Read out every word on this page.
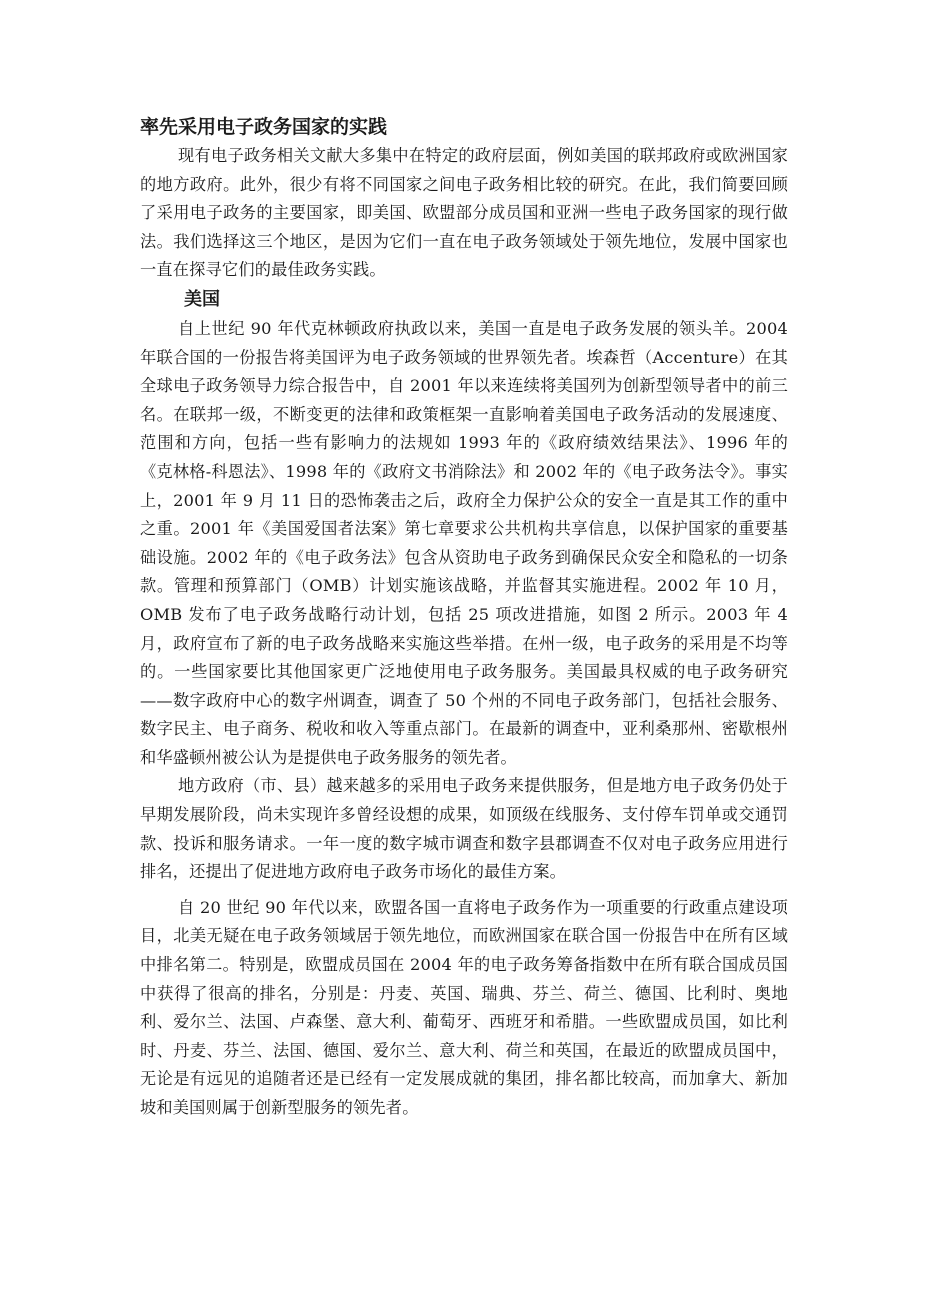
率先采用电子政务国家的实践

现有电子政务相关文献大多集中在特定的政府层面，例如美国的联邦政府或欧洲国家的地方政府。此外，很少有将不同国家之间电子政务相比较的研究。在此，我们简要回顾了采用电子政务的主要国家，即美国、欧盟部分成员国和亚洲一些电子政务国家的现行做法。我们选择这三个地区，是因为它们一直在电子政务领域处于领先地位，发展中国家也一直在探寻它们的最佳政务实践。

美国

自上世纪 90 年代克林顿政府执政以来，美国一直是电子政务发展的领头羊。2004 年联合国的一份报告将美国评为电子政务领域的世界领先者。埃森哲（Accenture）在其全球电子政务领导力综合报告中，自 2001 年以来连续将美国列为创新型领导者中的前三名。在联邦一级，不断变更的法律和政策框架一直影响着美国电子政务活动的发展速度、范围和方向，包括一些有影响力的法规如 1993 年的《政府绩效结果法》、1996 年的《克林格-科恩法》、1998 年的《政府文书消除法》和 2002 年的《电子政务法令》。事实上，2001 年 9 月 11 日的恐怖袭击之后，政府全力保护公众的安全一直是其工作的重中之重。2001 年《美国爱国者法案》第七章要求公共机构共享信息，以保护国家的重要基础设施。2002 年的《电子政务法》包含从资助电子政务到确保民众安全和隐私的一切条款。管理和预算部门（OMB）计划实施该战略，并监督其实施进程。2002 年 10 月，OMB 发布了电子政务战略行动计划，包括 25 项改进措施，如图 2 所示。2003 年 4 月，政府宣布了新的电子政务战略来实施这些举措。在州一级，电子政务的采用是不均等的。一些国家要比其他国家更广泛地使用电子政务服务。美国最具权威的电子政务研究——数字政府中心的数字州调查，调查了 50 个州的不同电子政务部门，包括社会服务、数字民主、电子商务、税收和收入等重点部门。在最新的调查中，亚利桑那州、密歇根州和华盛顿州被公认为是提供电子政务服务的领先者。

地方政府（市、县）越来越多的采用电子政务来提供服务，但是地方电子政务仍处于早期发展阶段，尚未实现许多曾经设想的成果，如顶级在线服务、支付停车罚单或交通罚款、投诉和服务请求。一年一度的数字城市调查和数字县郡调查不仅对电子政务应用进行排名，还提出了促进地方政府电子政务市场化的最佳方案。

自 20 世纪 90 年代以来，欧盟各国一直将电子政务作为一项重要的行政重点建设项目，北美无疑在电子政务领域居于领先地位，而欧洲国家在联合国一份报告中在所有区域中排名第二。特别是，欧盟成员国在 2004 年的电子政务筹备指数中在所有联合国成员国中获得了很高的排名，分别是：丹麦、英国、瑞典、芬兰、荷兰、德国、比利时、奥地利、爱尔兰、法国、卢森堡、意大利、葡萄牙、西班牙和希腊。一些欧盟成员国，如比利时、丹麦、芬兰、法国、德国、爱尔兰、意大利、荷兰和英国，在最近的欧盟成员国中，无论是有远见的追随者还是已经有一定发展成就的集团，排名都比较高，而加拿大、新加坡和美国则属于创新型服务的领先者。
